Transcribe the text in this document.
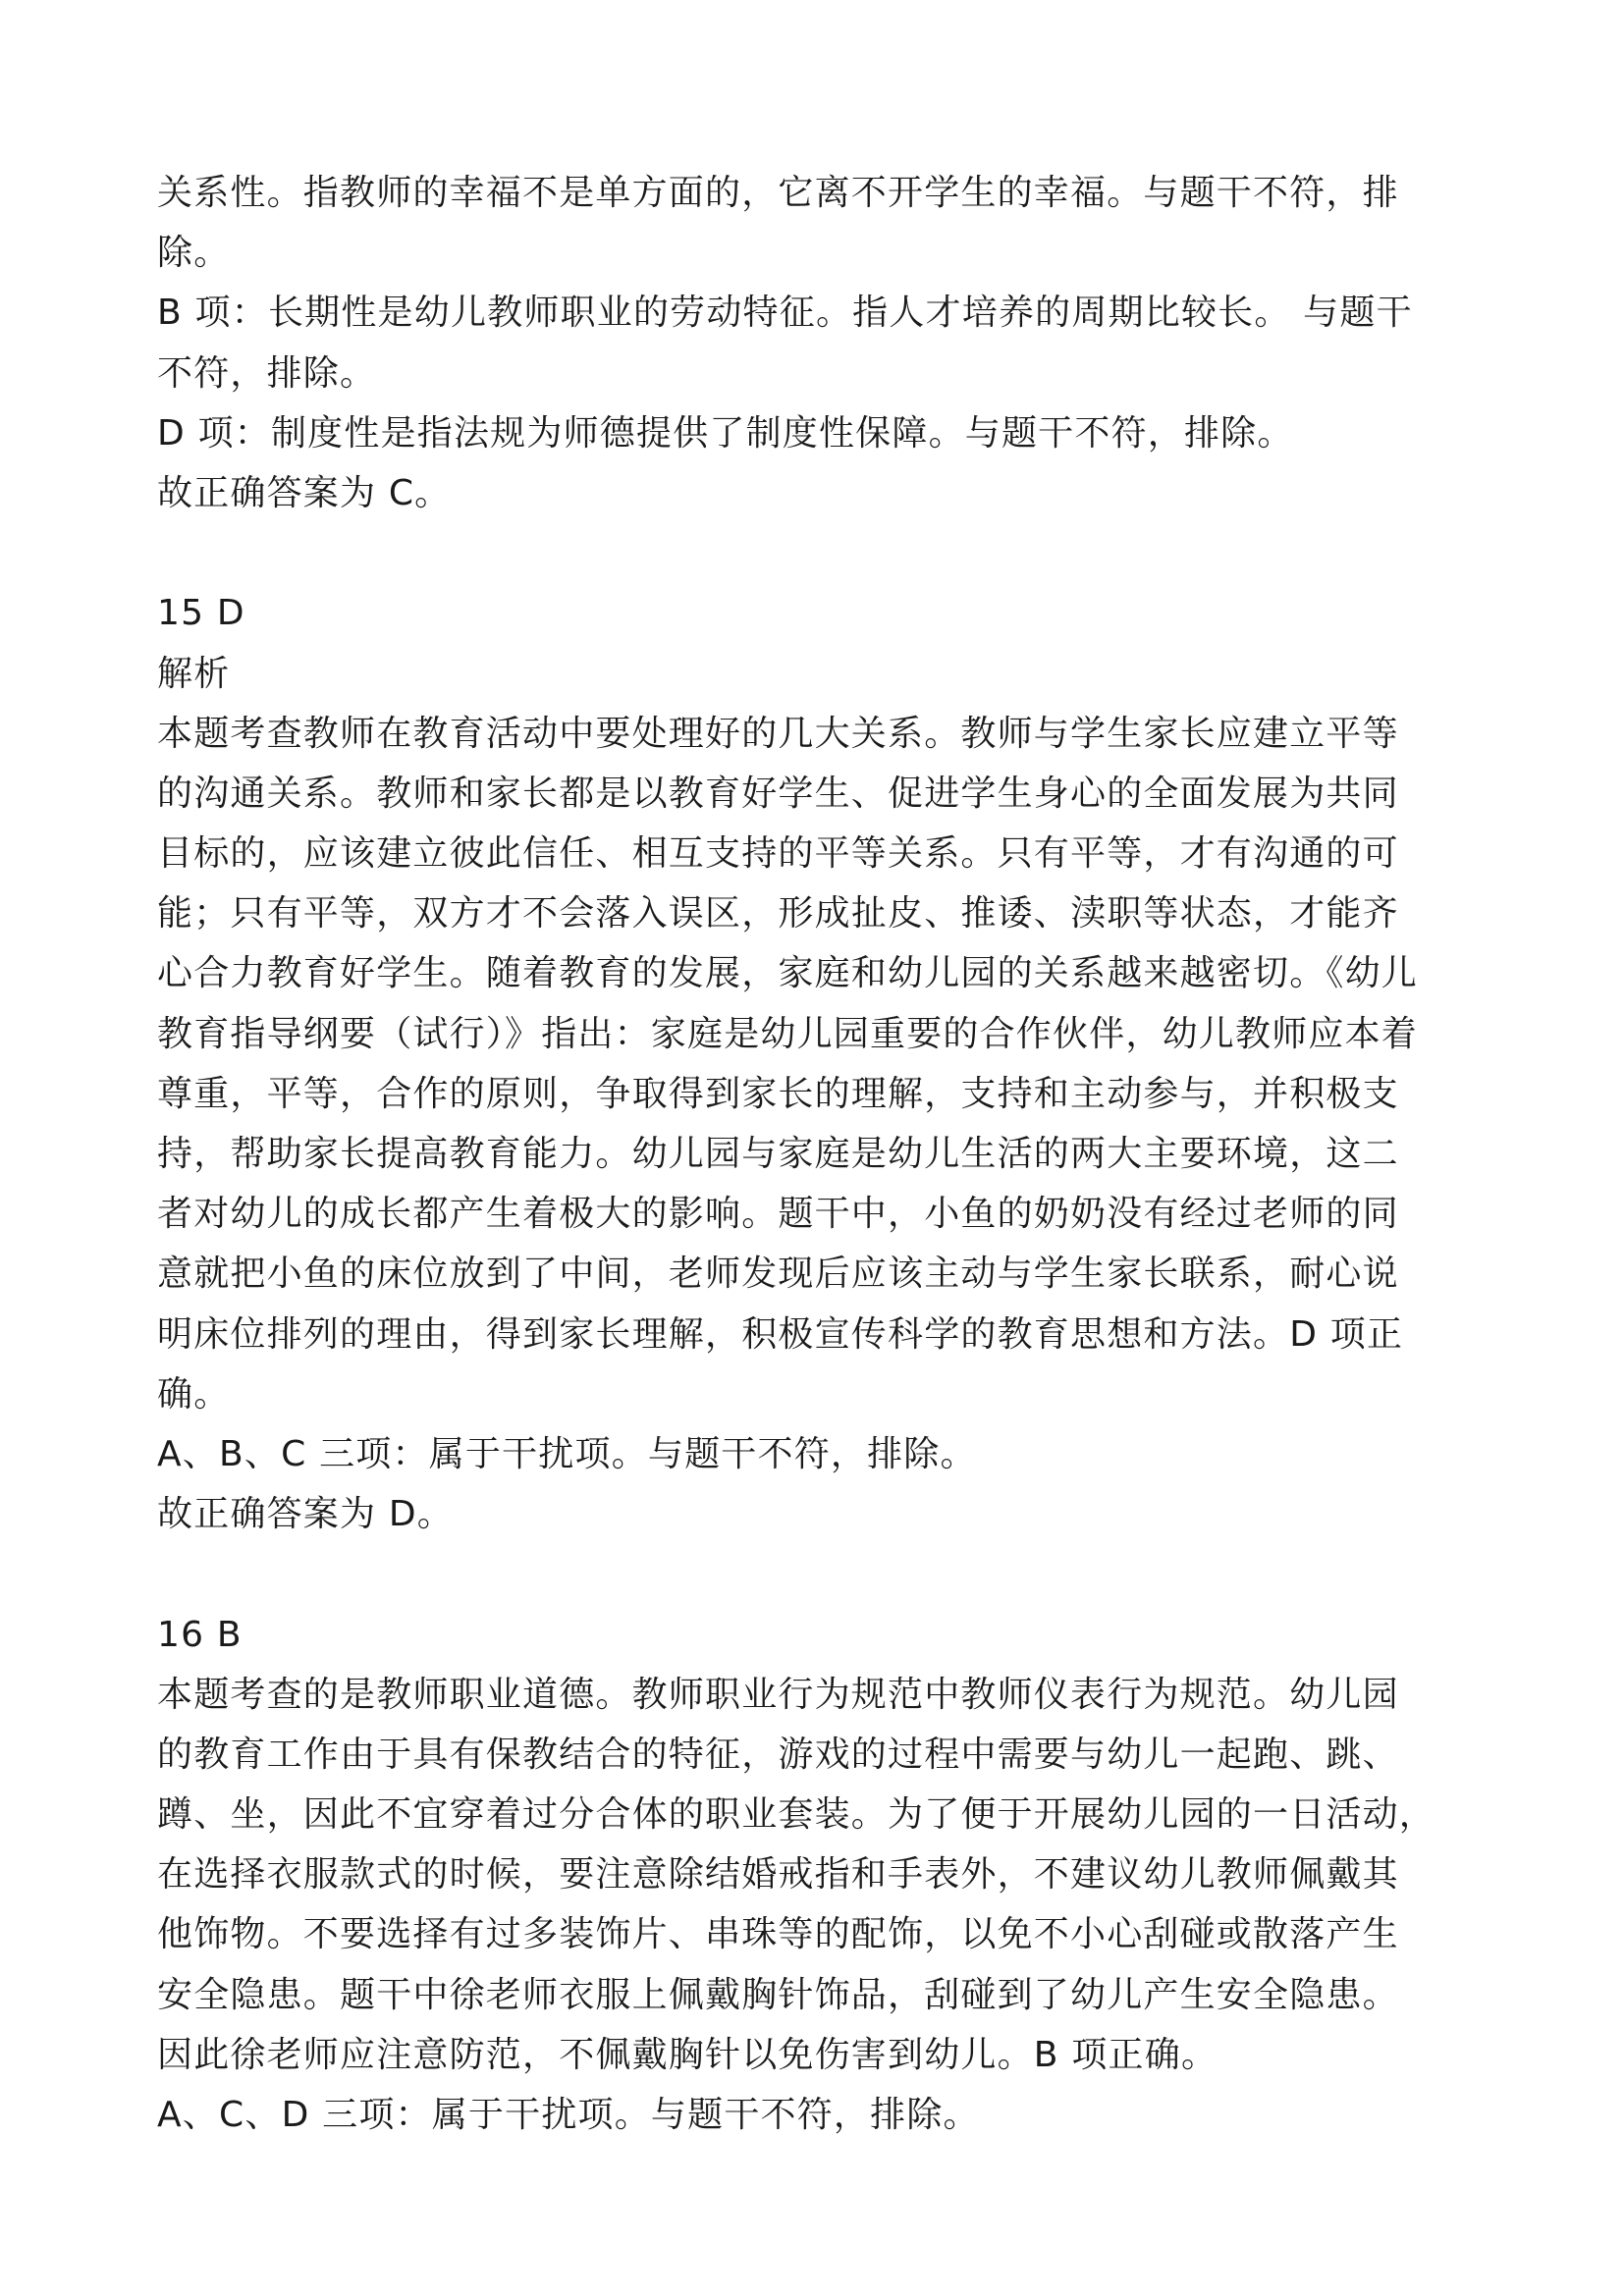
关系性。指教师的幸福不是单方面的，它离不开学生的幸福。与题干不符，排
除。
B 项：长期性是幼儿教师职业的劳动特征。指人才培养的周期比较长。 与题干
不符，排除。
D 项：制度性是指法规为师德提供了制度性保障。与题干不符，排除。
故正确答案为 C。
15 D
解析
本题考查教师在教育活动中要处理好的几大关系。教师与学生家长应建立平等
的沟通关系。教师和家长都是以教育好学生、促进学生身心的全面发展为共同
目标的，应该建立彼此信任、相互支持的平等关系。只有平等，才有沟通的可
能；只有平等，双方才不会落入误区，形成扯皮、推诿、渎职等状态，才能齐
心合力教育好学生。随着教育的发展，家庭和幼儿园的关系越来越密切。《幼儿
教育指导纲要（试行）》指出：家庭是幼儿园重要的合作伙伴，幼儿教师应本着
尊重，平等，合作的原则，争取得到家长的理解，支持和主动参与，并积极支
持，帮助家长提高教育能力。幼儿园与家庭是幼儿生活的两大主要环境，这二
者对幼儿的成长都产生着极大的影响。题干中，小鱼的奶奶没有经过老师的同
意就把小鱼的床位放到了中间，老师发现后应该主动与学生家长联系，耐心说
明床位排列的理由，得到家长理解，积极宣传科学的教育思想和方法。D 项正
确。
A、B、C 三项：属于干扰项。与题干不符，排除。
故正确答案为 D。
16 B
本题考查的是教师职业道德。教师职业行为规范中教师仪表行为规范。幼儿园
的教育工作由于具有保教结合的特征，游戏的过程中需要与幼儿一起跑、跳、
蹲、坐，因此不宜穿着过分合体的职业套装。为了便于开展幼儿园的一日活动，
在选择衣服款式的时候，要注意除结婚戒指和手表外，不建议幼儿教师佩戴其
他饰物。不要选择有过多装饰片、串珠等的配饰，以免不小心刮碰或散落产生
安全隐患。题干中徐老师衣服上佩戴胸针饰品，刮碰到了幼儿产生安全隐患。
因此徐老师应注意防范，不佩戴胸针以免伤害到幼儿。B 项正确。
A、C、D 三项：属于干扰项。与题干不符，排除。
